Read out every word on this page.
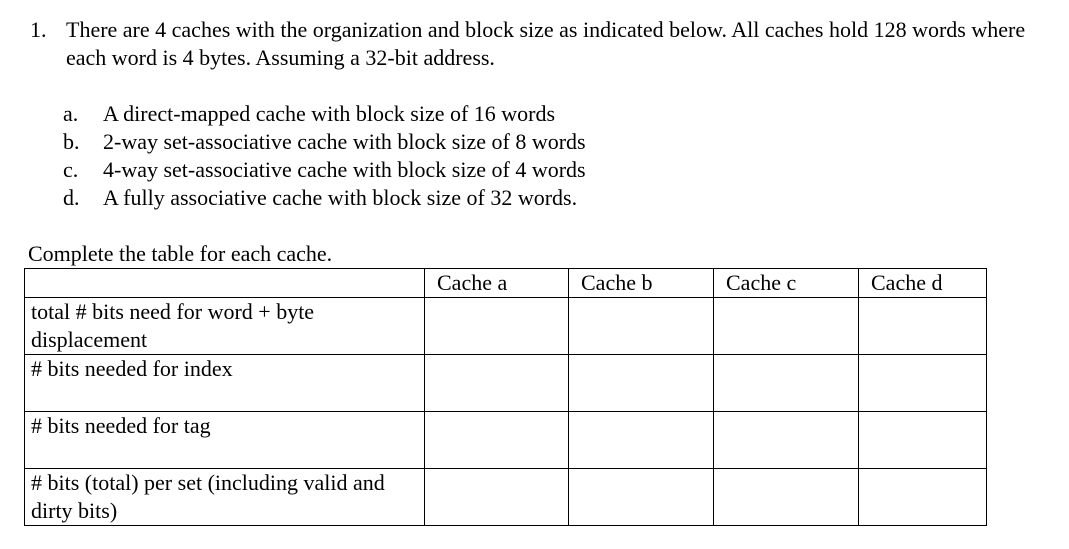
1. There are 4 caches with the organization and block size as indicated below. All caches hold 128 words where each word is 4 bytes. Assuming a 32-bit address.
a. A direct-mapped cache with block size of 16 words
b. 2-way set-associative cache with block size of 8 words
c. 4-way set-associative cache with block size of 4 words
d. A fully associative cache with block size of 32 words.
Complete the table for each cache.
	Cache a	Cache b	Cache c	Cache d
total # bits need for word + byte displacement				
# bits needed for index				
# bits needed for tag				
# bits (total) per set (including valid and dirty bits)				
